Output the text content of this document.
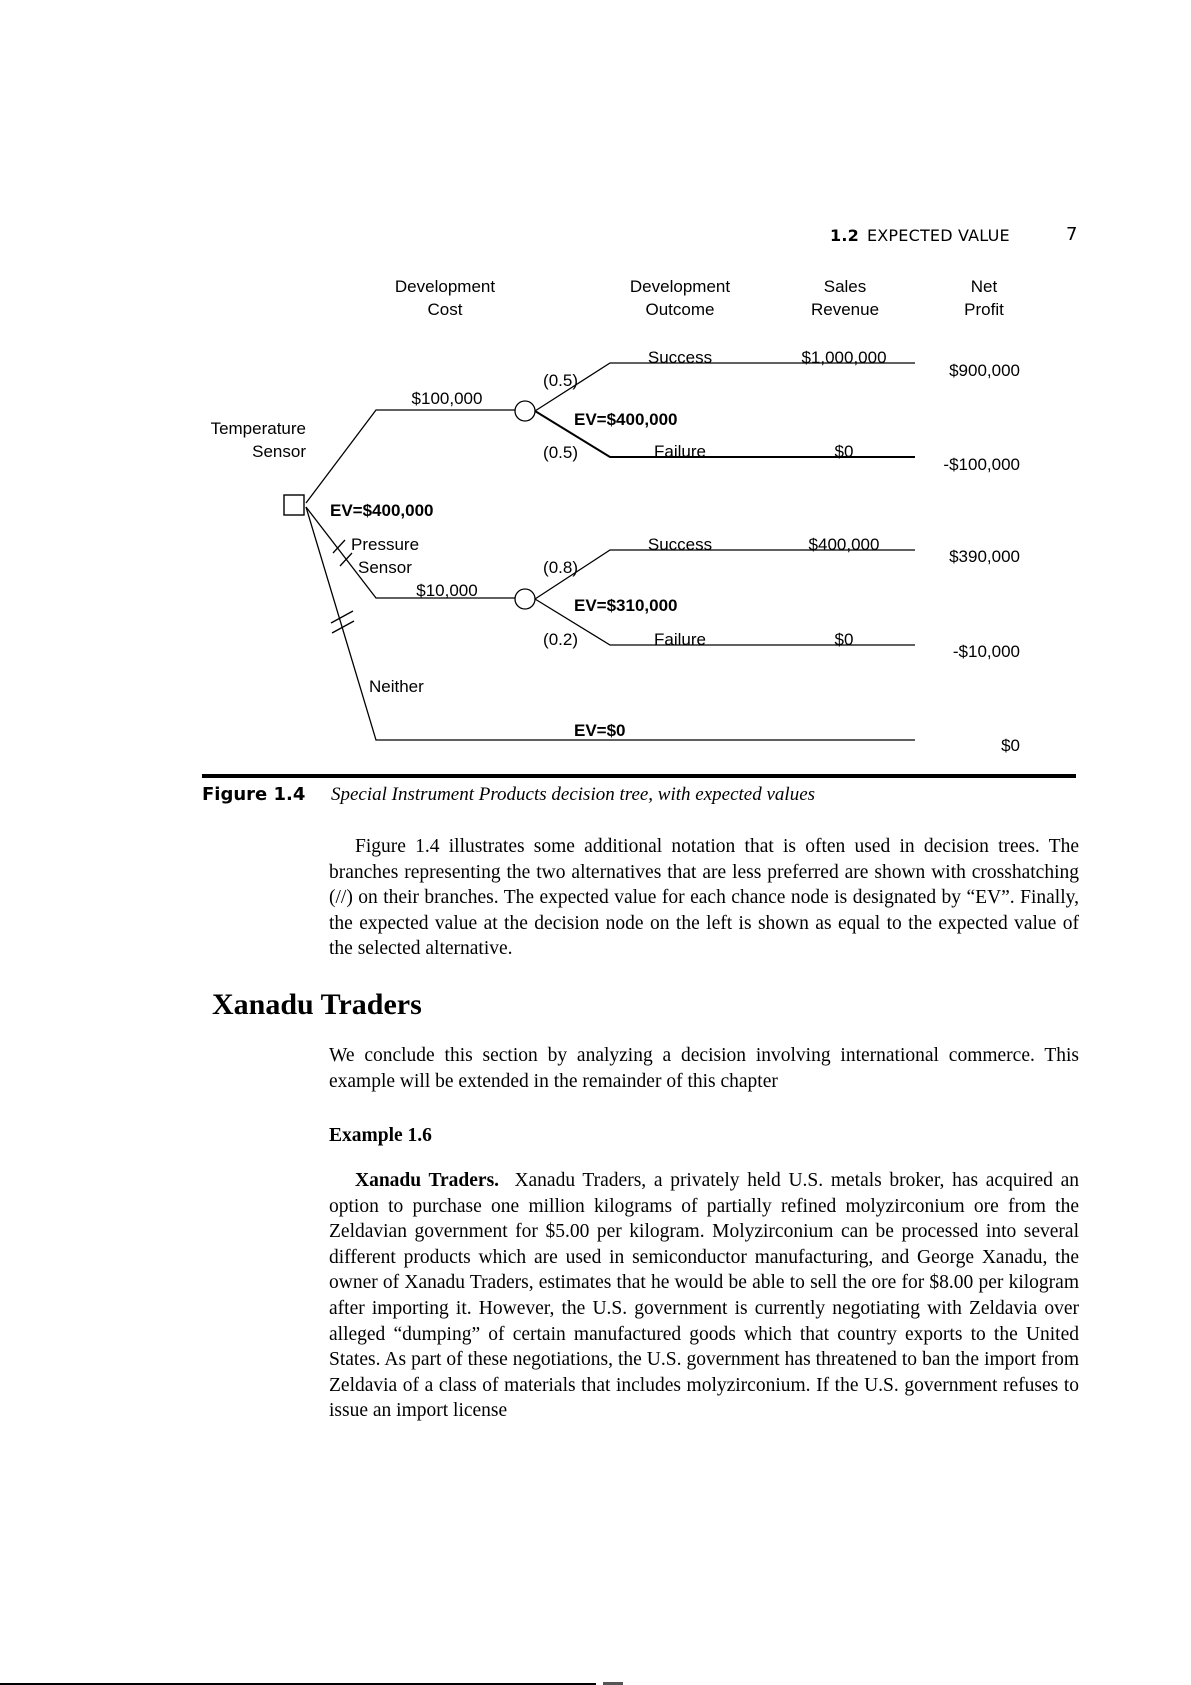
1.2 EXPECTED VALUE	7
Development
Cost
Development
Outcome
Sales
Revenue
Net
Profit
EV=$400,000
Temperature
Sensor
$100,000
EV=$400,000
(0.5)
(0.5)
Success
Failure
$1,000,000
$0
$900,000
-$100,000
Pressure
Sensor
$10,000
EV=$310,000
(0.8)
(0.2)
Success
Failure
$400,000
$0
$390,000
-$10,000
Neither
EV=$0
$0
Figure 1.4 Special Instrument Products decision tree, with expected values
Figure 1.4 illustrates some additional notation that is often used in decision trees. The branches representing the two alternatives that are less preferred are shown with crosshatching (//) on their branches. The expected value for each chance node is designated by “EV”. Finally, the expected value at the decision node on the left is shown as equal to the expected value of the selected alternative.
Xanadu Traders
We conclude this section by analyzing a decision involving international commerce. This example will be extended in the remainder of this chapter
Example 1.6
Xanadu Traders. Xanadu Traders, a privately held U.S. metals broker, has acquired an option to purchase one million kilograms of partially refined molyzirconium ore from the Zeldavian government for $5.00 per kilogram. Molyzirconium can be processed into several different products which are used in semiconductor manufacturing, and George Xanadu, the owner of Xanadu Traders, estimates that he would be able to sell the ore for $8.00 per kilogram after importing it. However, the U.S. government is currently negotiating with Zeldavia over alleged “dumping” of certain manufactured goods which that country exports to the United States. As part of these negotiations, the U.S. government has threatened to ban the import from Zeldavia of a class of materials that includes molyzirconium. If the U.S. government refuses to issue an import license
